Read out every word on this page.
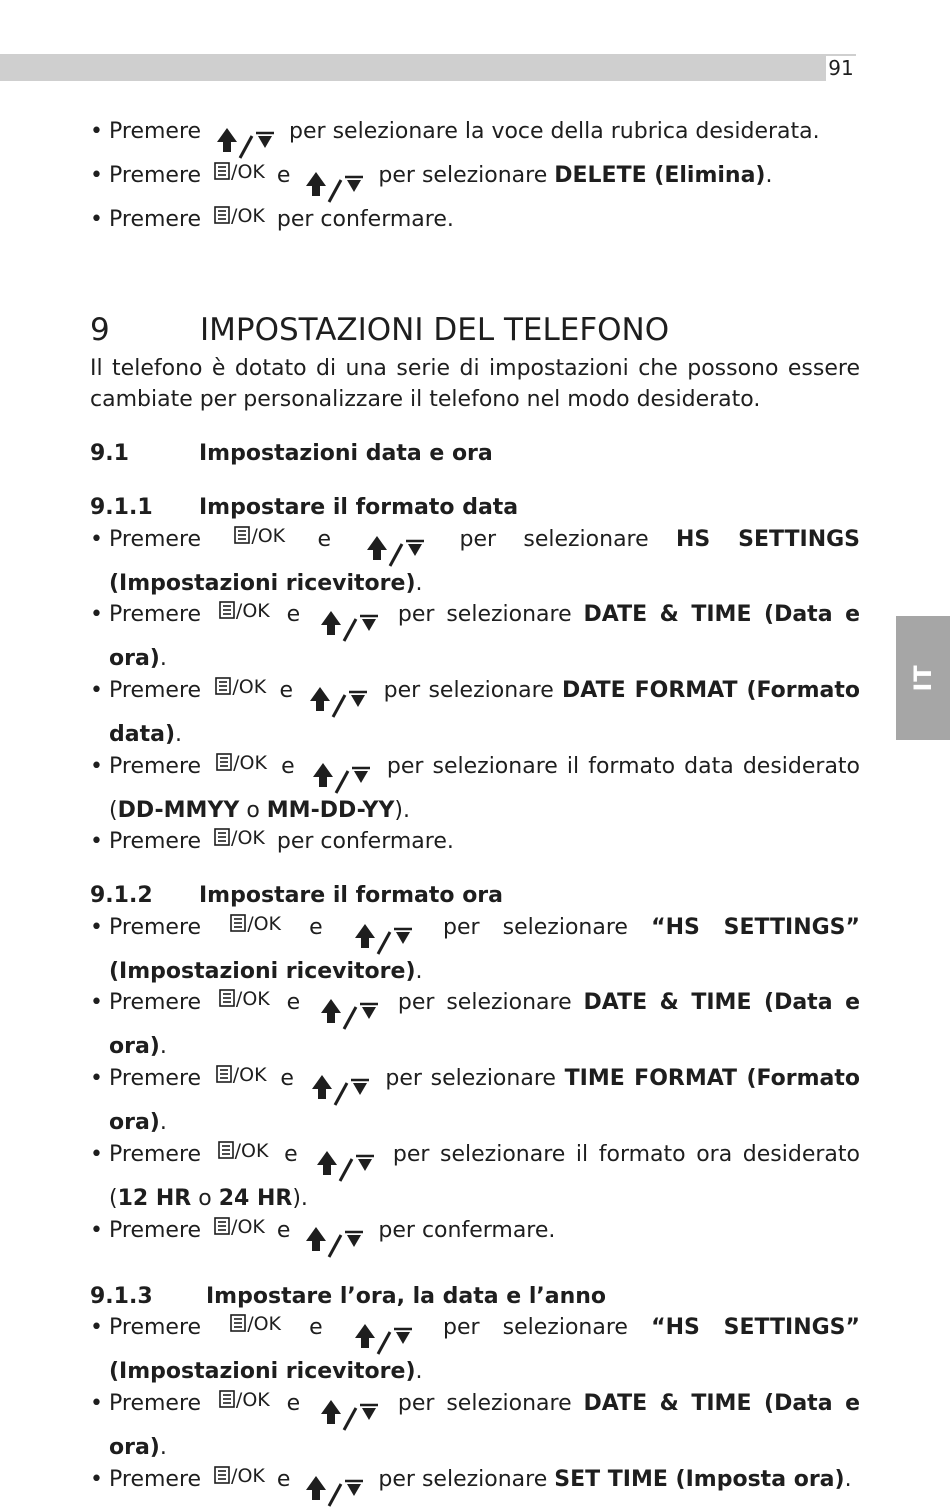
91
IT
• Premere	per selezionare la voce della rubrica desiderata.
• Premere /OK e	per selezionare DELETE (Elimina).
• Premere /OK per confermare.
9	IMPOSTAZIONI DEL TELEFONO

Il telefono è dotato di una serie di impostazioni che possono essere cambiate per personalizzare il telefono nel modo desiderato.

9.1	Impostazioni data e ora
9.1.1	Impostare il formato data
• Premere	/OK e	per selezionare HS SETTINGS (Impostazioni ricevitore).
• Premere /OK e	per selezionare DATE & TIME (Data e ora).
• Premere /OK e	per selezionare DATE FORMAT (Formato data).
• Premere /OK e	per selezionare il formato data desiderato (DD-MMYY o MM-DD-YY).
• Premere /OK per confermare.
9.1.2	Impostare il formato ora
• Premere /OK e	per selezionare “HS SETTINGS” (Impostazioni ricevitore).
• Premere /OK e	per selezionare DATE & TIME (Data e ora).
• Premere /OK e	per selezionare TIME FORMAT (Formato ora).
• Premere /OK e	per selezionare il formato ora desiderato (12 HR o 24 HR).
• Premere /OK e	per confermare.
9.1.3	Impostare l’ora, la data e l’anno
• Premere /OK e	per selezionare “HS SETTINGS” (Impostazioni ricevitore).
• Premere /OK e	per selezionare DATE & TIME (Data e ora).
• Premere /OK e	per selezionare SET TIME (Imposta ora).
